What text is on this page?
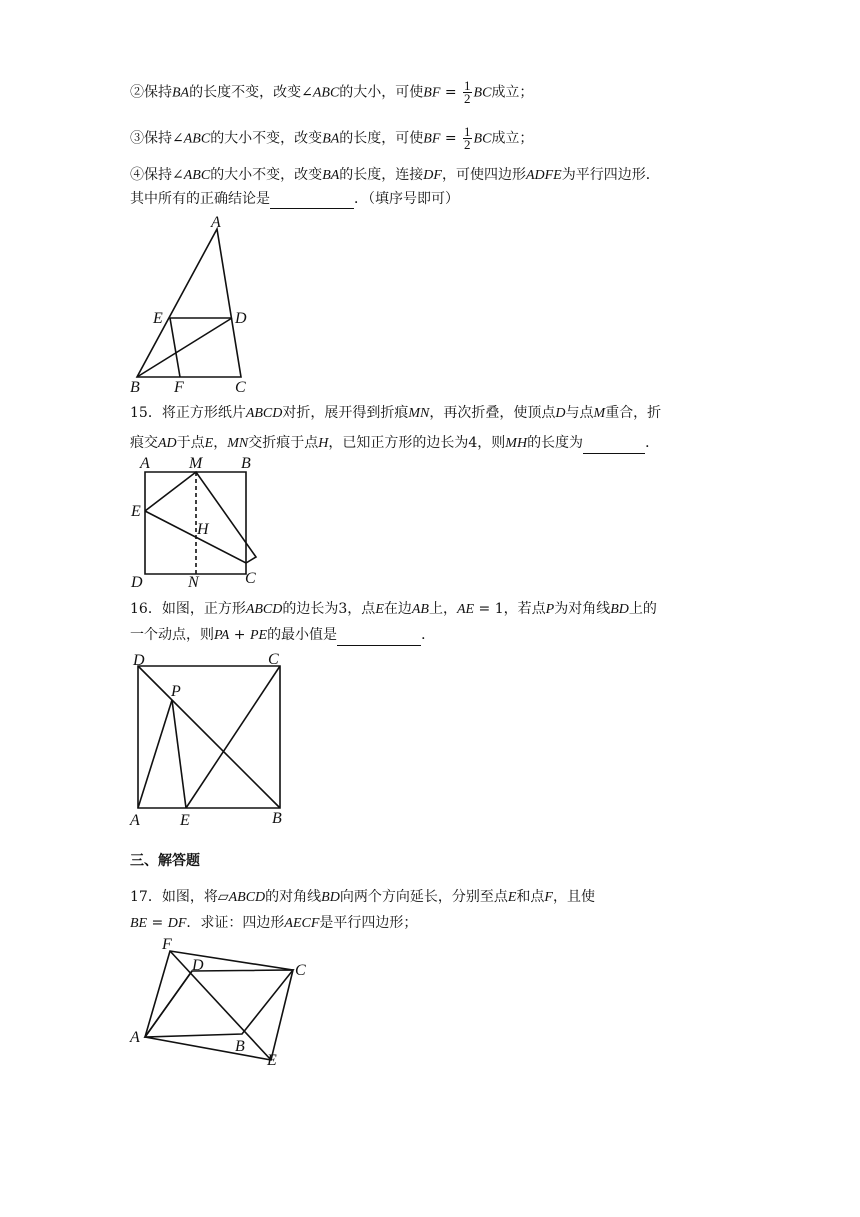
②保持BA的长度不变，改变∠ABC的大小，可使BF = $\frac{1}{2}$ BC成立；
③保持∠ABC的大小不变，改变BA的长度，可使BF = $\frac{1}{2}$ BC成立；
④保持∠ABC的大小不变，改变BA的长度，连接DF，可使四边形ADFE为平行四边形．
其中所有的正确结论是	．（填序号即可）
A
E	D
B F	C
15．将正方形纸片ABCD对折，展开得到折痕MN，再次折叠，使顶点D与点M重合，折
痕交AD于点E，MN交折痕于点H，已知正方形的边长为4，则MH的长度为	．
A M B
E
H
D	N	C
16．如图，正方形ABCD的边长为3，点E在边AB上，AE = 1，若点P为对角线BD上的
一个动点，则PA + PE的最小值是	．
D	C
P
A	E	B
三、解答题
17．如图，将▱ABCD的对角线BD向两个方向延长，分别至点E和点F，且使
BE = DF．求证：四边形AECF是平行四边形；
F
D	C
A
B
E
